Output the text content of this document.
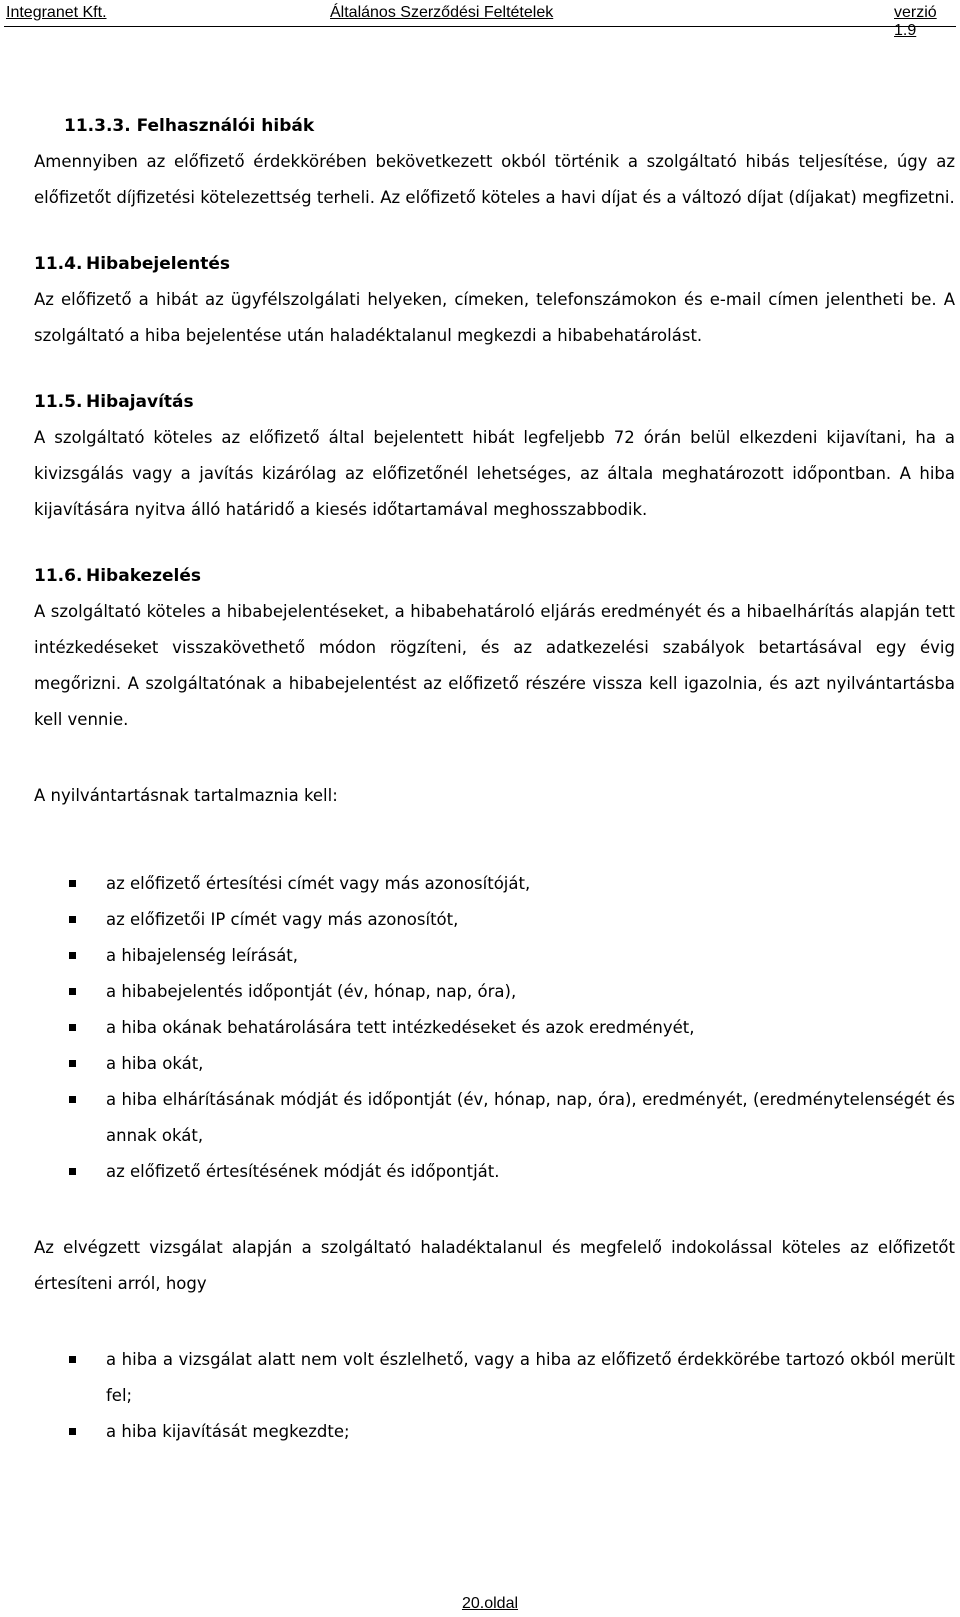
Integranet Kft.	Általános Szerződési Feltételek	verzió 1.9
11.3.3. Felhasználói hibák

Amennyiben az előfizető érdekkörében bekövetkezett okból történik a szolgáltató hibás teljesítése, úgy az előfizetőt díjfizetési kötelezettség terheli. Az előfizető köteles a havi díjat és a változó díjat (díjakat) megfizetni.

11.4. Hibabejelentés

Az előfizető a hibát az ügyfélszolgálati helyeken, címeken, telefonszámokon és e-mail címen jelentheti be. A szolgáltató a hiba bejelentése után haladéktalanul megkezdi a hibabehatárolást.

11.5. Hibajavítás

A szolgáltató köteles az előfizető által bejelentett hibát legfeljebb 72 órán belül elkezdeni kijavítani, ha a kivizsgálás vagy a javítás kizárólag az előfizetőnél lehetséges, az általa meghatározott időpontban. A hiba kijavítására nyitva álló határidő a kiesés időtartamával meghosszabbodik.

11.6. Hibakezelés

A szolgáltató köteles a hibabejelentéseket, a hibabehatároló eljárás eredményét és a hibaelhárítás alapján tett intézkedéseket visszakövethető módon rögzíteni, és az adatkezelési szabályok betartásával egy évig megőrizni. A szolgáltatónak a hibabejelentést az előfizető részére vissza kell igazolnia, és azt nyilvántartásba kell vennie.

A nyilvántartásnak tartalmaznia kell:

az előfizető értesítési címét vagy más azonosítóját,
az előfizetői IP címét vagy más azonosítót,
a hibajelenség leírását,
a hibabejelentés időpontját (év, hónap, nap, óra),
a hiba okának behatárolására tett intézkedéseket és azok eredményét,
a hiba okát,
a hiba elhárításának módját és időpontját (év, hónap, nap, óra), eredményét, (eredménytelenségét és annak okát,
az előfizető értesítésének módját és időpontját.

Az elvégzett vizsgálat alapján a szolgáltató haladéktalanul és megfelelő indokolással köteles az előfizetőt értesíteni arról, hogy

a hiba a vizsgálat alatt nem volt észlelhető, vagy a hiba az előfizető érdekkörébe tartozó okból merült fel;
a hiba kijavítását megkezdte;
20.oldal
